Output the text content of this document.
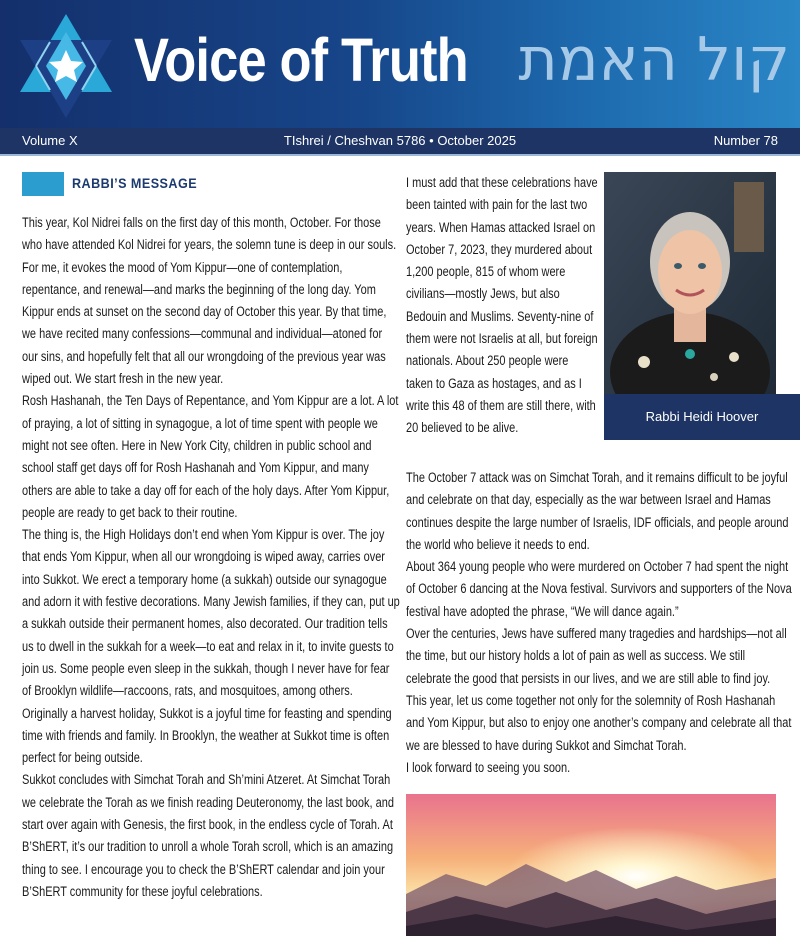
Voice of Truth קול האמת
TIshrei / Cheshvan 5786 • October 2025
Volume X	Number 78
RABBI’S MESSAGE

This year, Kol Nidrei falls on the first day of this month, October. For those who have attended Kol Nidrei for years, the solemn tune is deep in our souls. For me, it evokes the mood of Yom Kippur—one of contemplation, repentance, and renewal—and marks the beginning of the long day. Yom Kippur ends at sunset on the second day of October this year. By that time, we have recited many confessions—communal and individual—atoned for our sins, and hopefully felt that all our wrongdoing of the previous year was wiped out. We start fresh in the new year.

Rosh Hashanah, the Ten Days of Repentance, and Yom Kippur are a lot. A lot of praying, a lot of sitting in synagogue, a lot of time spent with people we might not see often. Here in New York City, children in public school and school staff get days off for Rosh Hashanah and Yom Kippur, and many others are able to take a day off for each of the holy days. After Yom Kippur, people are ready to get back to their routine.

The thing is, the High Holidays don’t end when Yom Kippur is over. The joy that ends Yom Kippur, when all our wrongdoing is wiped away, carries over into Sukkot. We erect a temporary home (a sukkah) outside our synagogue and adorn it with festive decorations. Many Jewish families, if they can, put up a sukkah outside their permanent homes, also decorated. Our tradition tells us to dwell in the sukkah for a week—to eat and relax in it, to invite guests to join us. Some people even sleep in the sukkah, though I never have for fear of Brooklyn wildlife—raccoons, rats, and mosquitoes, among others. Originally a harvest holiday, Sukkot is a joyful time for feasting and spending time with friends and family. In Brooklyn, the weather at Sukkot time is often perfect for being outside.

Sukkot concludes with Simchat Torah and Sh’mini Atzeret. At Simchat Torah we celebrate the Torah as we finish reading Deuteronomy, the last book, and start over again with Genesis, the first book, in the endless cycle of Torah. At B’ShERT, it’s our tradition to unroll a whole Torah scroll, which is an amazing thing to see. I encourage you to check the B’ShERT calendar and join your B’ShERT community for these joyful celebrations.

I must add that these celebrations have been tainted with pain for the last two years. When Hamas attacked Israel on October 7, 2023, they murdered about 1,200 people, 815 of whom were civilians—mostly Jews, but also Bedouin and Muslims. Seventy-nine of them were not Israelis at all, but foreign nationals. About 250 people were taken to Gaza as hostages, and as I write this 48 of them are still there, with 20 believed to be alive.

Rabbi Heidi Hoover

The October 7 attack was on Simchat Torah, and it remains difficult to be joyful and celebrate on that day, especially as the war between Israel and Hamas continues despite the large number of Israelis, IDF officials, and people around the world who believe it needs to end.

About 364 young people who were murdered on October 7 had spent the night of October 6 dancing at the Nova festival. Survivors and supporters of the Nova festival have adopted the phrase, “We will dance again.”

Over the centuries, Jews have suffered many tragedies and hardships—not all the time, but our history holds a lot of pain as well as success. We still celebrate the good that persists in our lives, and we are still able to find joy. This year, let us come together not only for the solemnity of Rosh Hashanah and Yom Kippur, but also to enjoy one another’s company and celebrate all that we are blessed to have during Sukkot and Simchat Torah.

I look forward to seeing you soon.
